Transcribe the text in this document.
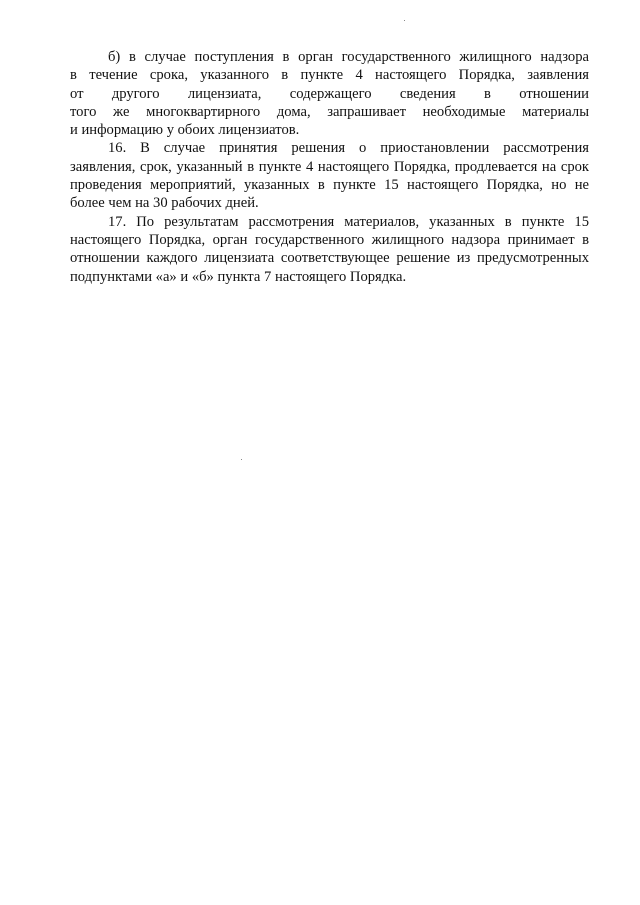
б) в случае поступления в орган государственного жилищного надзора
в течение срока, указанного в пункте 4 настоящего Порядка, заявления
от другого лицензиата, содержащего сведения в отношении
того же многоквартирного дома, запрашивает необходимые материалы
и информацию у обоих лицензиатов.

16. В случае принятия решения о приостановлении рассмотрения
заявления, срок, указанный в пункте 4 настоящего Порядка, продлевается на срок
проведения мероприятий, указанных в пункте 15 настоящего Порядка, но не
более чем на 30 рабочих дней.

17. По результатам рассмотрения материалов, указанных в пункте 15
настоящего Порядка, орган государственного жилищного надзора принимает в
отношении каждого лицензиата соответствующее решение из предусмотренных
подпунктами «а» и «б» пункта 7 настоящего Порядка.
